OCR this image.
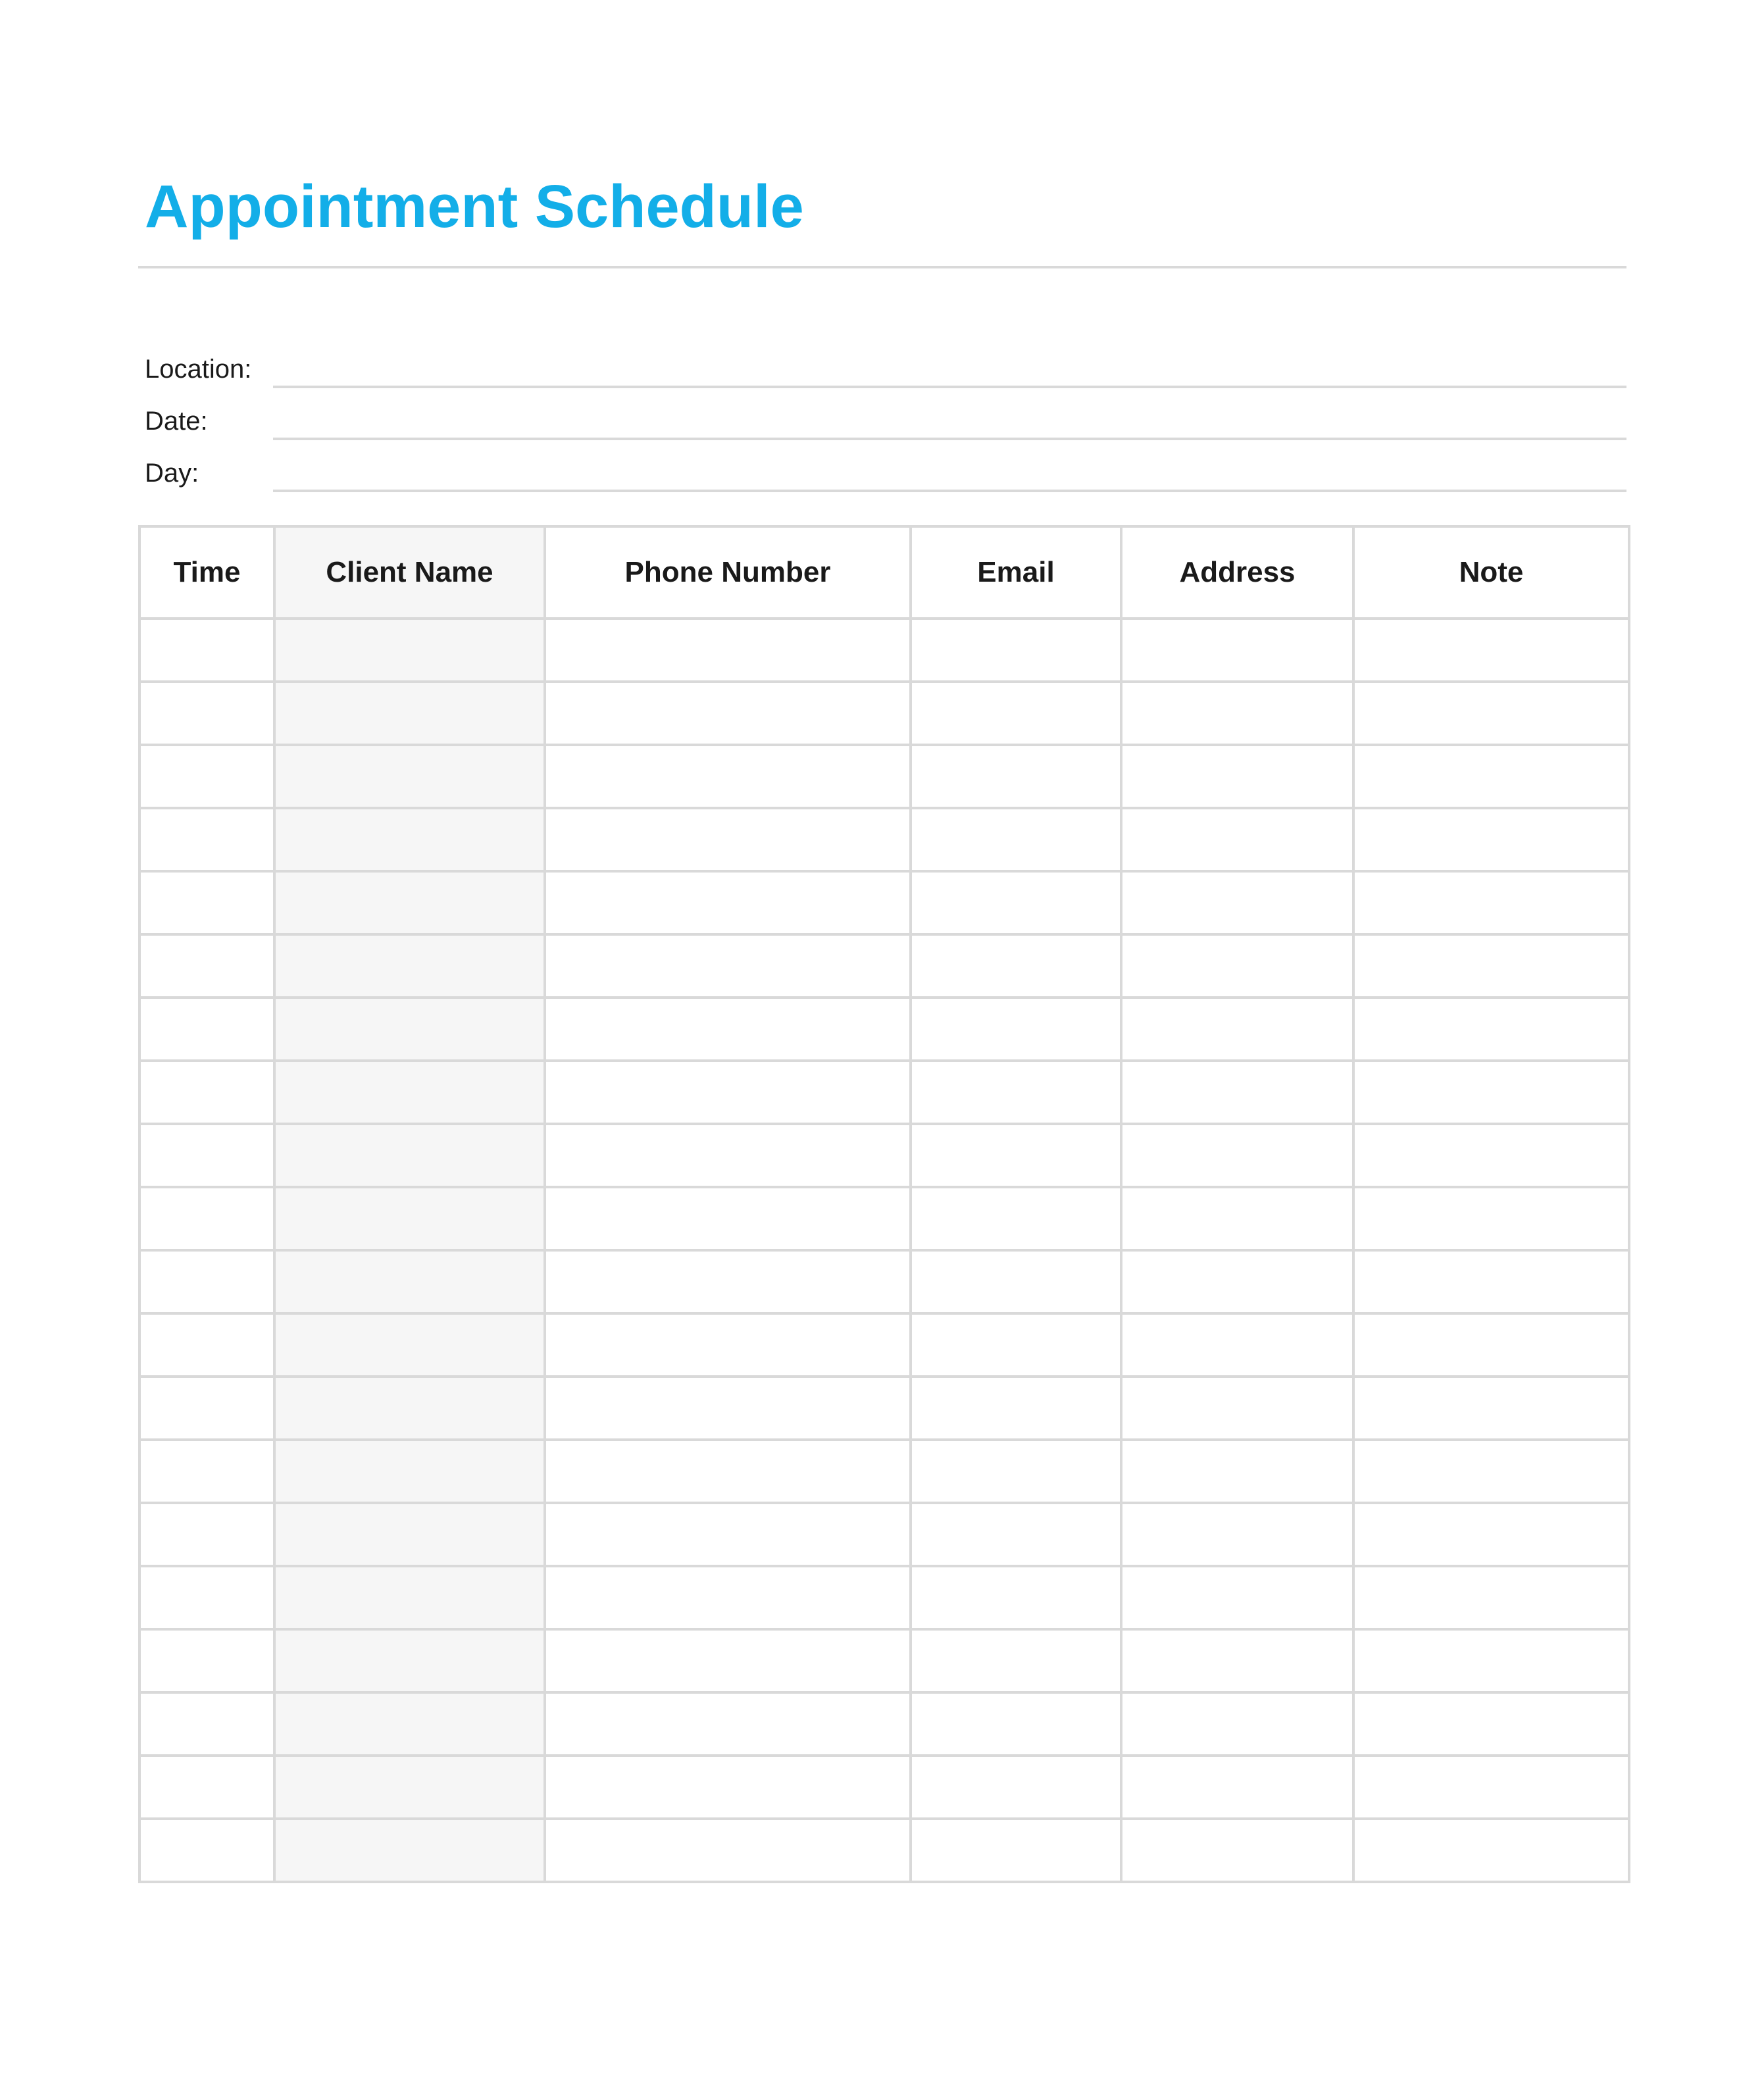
Appointment Schedule
Location:
Date:
Day:
Time	Client Name	Phone Number	Email	Address	Note
